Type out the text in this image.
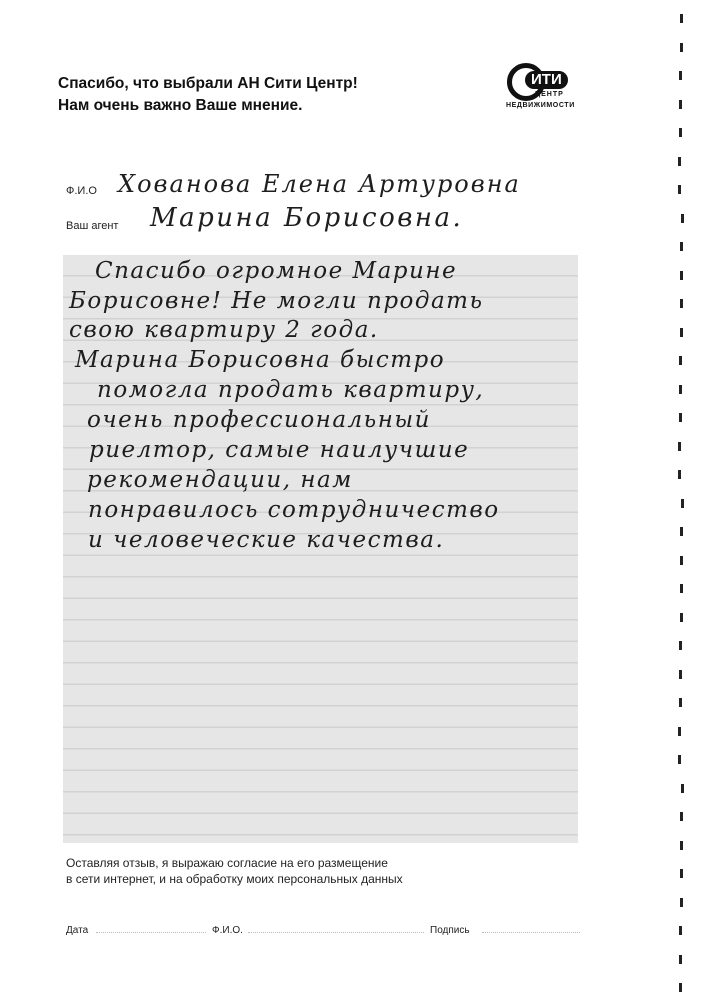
Спасибо, что выбрали АН Сити Центр!
Нам очень важно Ваше мнение.
ИТИ
ЦЕНТР
НЕДВИЖИМОСТИ
Ф.И.О Хованова Елена Артуровна
Ваш агент Марина Борисовна.
Спасибо огромное Марине
Борисовне! Не могли продать
свою квартиру 2 года.
Марина Борисовна быстро
помогла продать квартиру,
очень профессиональный
риелтор, самые наилучшие
рекомендации, нам
понравилось сотрудничество
и человеческие качества.
Оставляя отзыв, я выражаю согласие на его размещение
в сети интернет, и на обработку моих персональных данных
Дата	Ф.И.О.	Подпись
